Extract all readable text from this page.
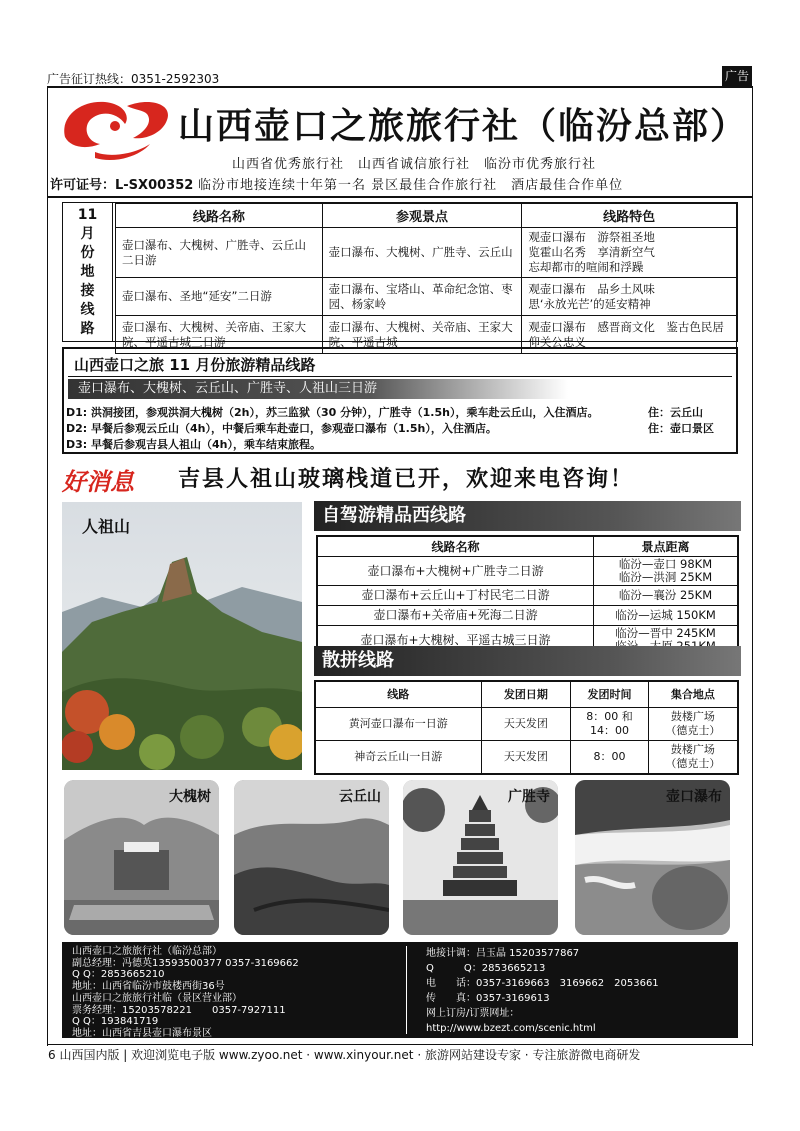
广告征订热线：0351-2592303	广告
山西壶口之旅旅行社（临汾总部）
山西省优秀旅行社　山西省诚信旅行社　临汾市优秀旅行社
许可证号：L-SX00352 临汾市地接连续十年第一名 景区最佳合作旅行社　酒店最佳合作单位
11
月
份
地
接
线
路
线路名称	参观景点	线路特色
壶口瀑布、大槐树、广胜寺、云丘山二日游	壶口瀑布、大槐树、广胜寺、云丘山	观壶口瀑布　游祭祖圣地
览霍山名秀　享清新空气
忘却都市的喧闹和浮躁
壶口瀑布、圣地“延安”二日游	壶口瀑布、宝塔山、革命纪念馆、枣园、杨家岭	观壶口瀑布　品乡土风味
思‘永放光芒’的延安精神
壶口瀑布、大槐树、关帝庙、王家大院、平遥古城三日游	壶口瀑布、大槐树、关帝庙、王家大院、平遥古城	观壶口瀑布　感晋商文化　鉴古色民居　仰关公忠义
山西壶口之旅 11 月份旅游精品线路
壶口瀑布、大槐树、云丘山、广胜寺、人祖山三日游
D1: 洪洞接团，参观洪洞大槐树（2h），苏三监狱（30 分钟），广胜寺（1.5h），乘车赴云丘山，入住酒店。	住：云丘山
D2: 早餐后参观云丘山（4h），中餐后乘车赴壶口，参观壶口瀑布（1.5h），入住酒店。	住：壶口景区
D3: 早餐后参观吉县人祖山（4h），乘车结束旅程。
好消息 吉县人祖山玻璃栈道已开，欢迎来电咨询！
人祖山
自驾游精品西线路
线路名称	景点距离
壶口瀑布+大槐树+广胜寺二日游	临汾—壶口 98KM
临汾—洪洞 25KM
壶口瀑布+云丘山+丁村民宅二日游	临汾—襄汾 25KM
壶口瀑布+关帝庙+死海二日游	临汾—运城 150KM
壶口瀑布+大槐树、平遥古城三日游	临汾—晋中 245KM

散拼线路
线路	发团日期	发团时间	集合地点
黄河壶口瀑布一日游	天天发团	8：00 和
14：00	鼓楼广场
（德克士）
神奇云丘山一日游	天天发团	8：00	鼓楼广场
（德克士）
大槐树	云丘山	广胜寺	壶口瀑布
山西壶口之旅旅行社（临汾总部）
副总经理：冯德英13593500377 0357-3169662
Q Q：2853665210
地址：山西省临汾市鼓楼西街36号
山西壶口之旅旅行社临（景区营业部）
票务经理：15203578221　　0357-7927111
Q Q：193841719
地址：山西省吉县壶口瀑布景区
地接计调：吕玉晶 15203577867
Q　　　Q：2853665213
电　　话：0357-3169663　3169662　2053661
传　　真：0357-3169613
网上订房/订票网址：
http://www.bzezt.com/scenic.html
6 山西国内版 | 欢迎浏览电子版 www.zyoo.net · www.xinyour.net · 旅游网站建设专家 · 专注旅游微电商研发
